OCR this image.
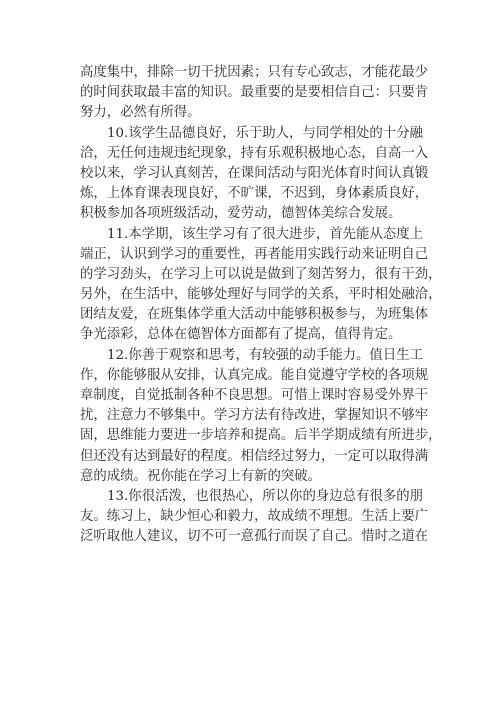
高度集中，排除一切干扰因素；只有专心致志，才能花最少
的时间获取最丰富的知识。最重要的是要相信自己：只要肯
努力，必然有所得。
10.该学生品德良好，乐于助人，与同学相处的十分融
洽，无任何违规违纪现象，持有乐观积极地心态，自高一入
校以来，学习认真刻苦，在课间活动与阳光体育时间认真锻
炼，上体育课表现良好，不旷课，不迟到，身体素质良好，
积极参加各项班级活动，爱劳动，德智体美综合发展。
11.本学期，该生学习有了很大进步，首先能从态度上
端正，认识到学习的重要性，再者能用实践行动来证明自己
的学习劲头，在学习上可以说是做到了刻苦努力，很有干劲，
另外，在生活中，能够处理好与同学的关系，平时相处融洽，
团结友爱，在班集体学重大活动中能够积极参与，为班集体
争光添彩，总体在德智体方面都有了提高，值得肯定。
12.你善于观察和思考，有较强的动手能力。值日生工
作，你能够服从安排，认真完成。能自觉遵守学校的各项规
章制度，自觉抵制各种不良思想。可惜上课时容易受外界干
扰，注意力不够集中。学习方法有待改进，掌握知识不够牢
固，思维能力要进一步培养和提高。后半学期成绩有所进步，
但还没有达到最好的程度。相信经过努力，一定可以取得满
意的成绩。祝你能在学习上有新的突破。
13.你很活泼，也很热心，所以你的身边总有很多的朋
友。练习上，缺少恒心和毅力，故成绩不理想。生活上要广
泛听取他人建议，切不可一意孤行而误了自己。惜时之道在
